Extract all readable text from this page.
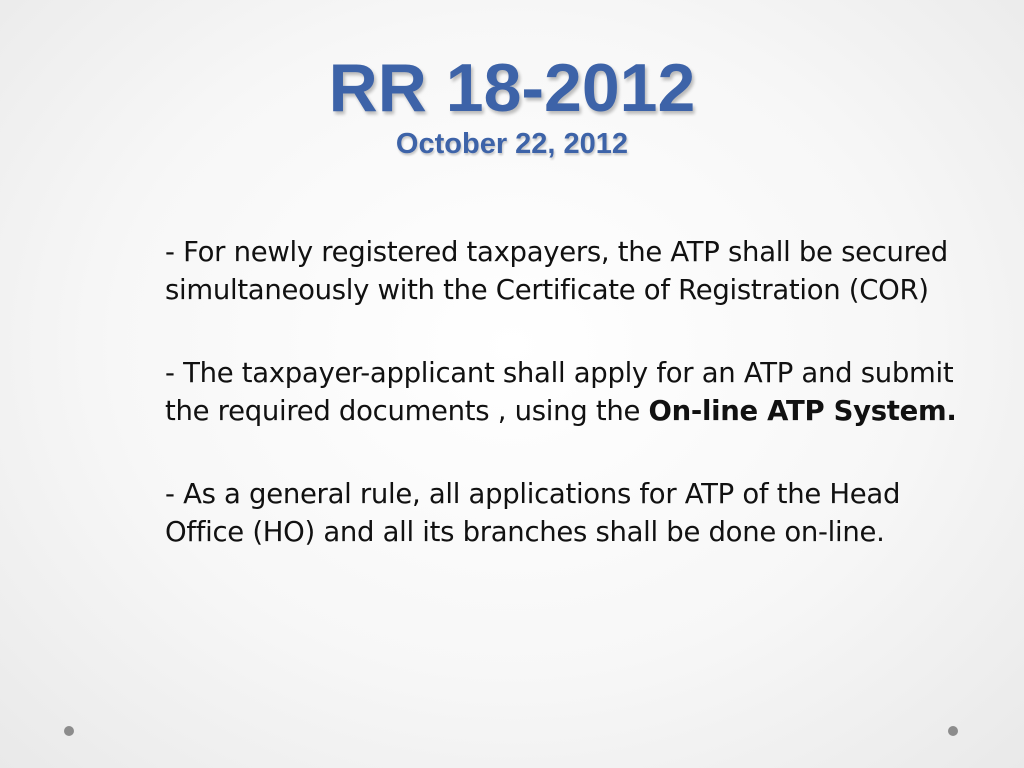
RR 18-2012
October 22, 2012

- For newly registered taxpayers, the ATP shall be secured simultaneously with the Certificate of Registration (COR)

- The taxpayer-applicant shall apply for an ATP and submit the required documents , using the On-line ATP System.

- As a general rule, all applications for ATP of the Head Office (HO) and all its branches shall be done on-line.
